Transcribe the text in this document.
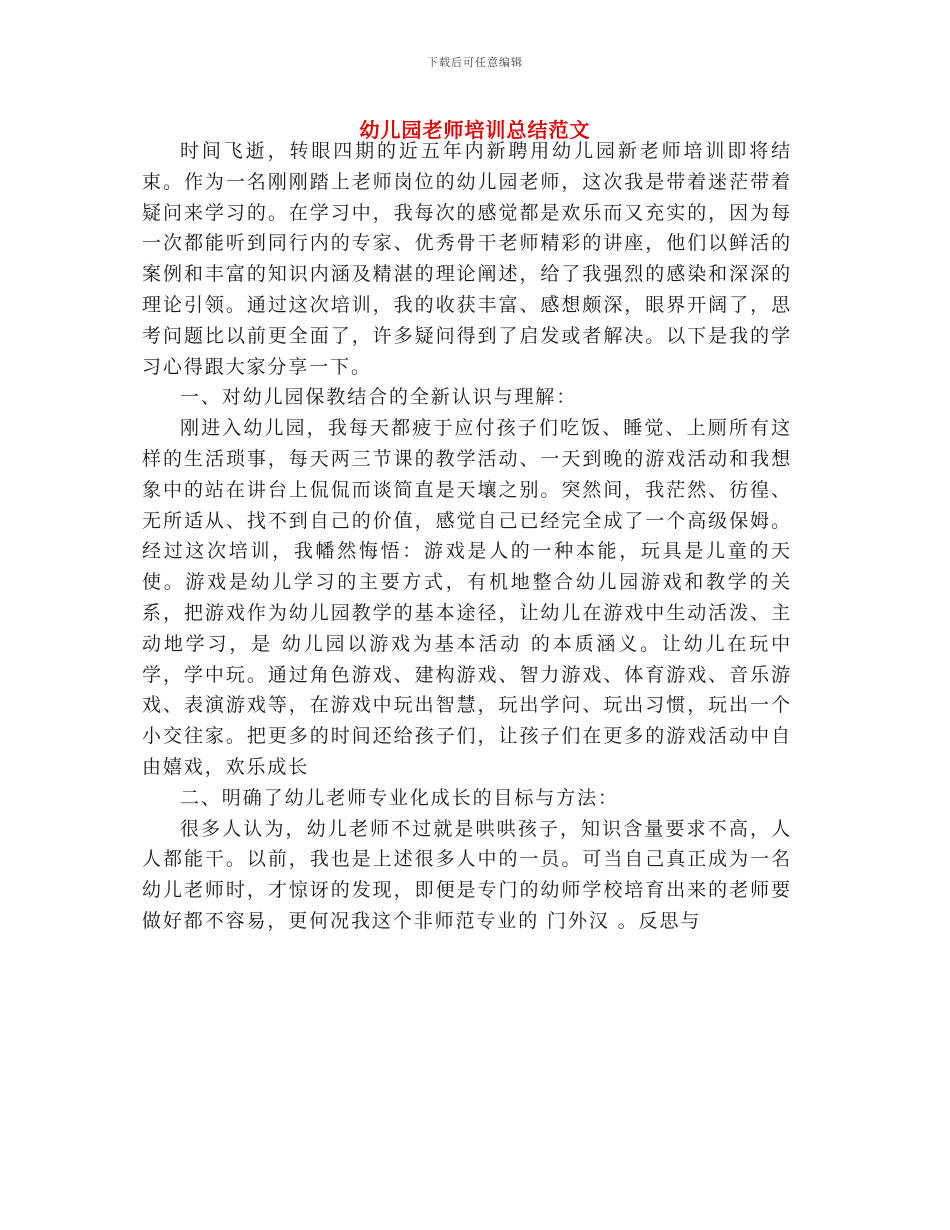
下载后可任意编辑
幼儿园老师培训总结范文

时间飞逝，转眼四期的近五年内新聘用幼儿园新老师培训即将结束。作为一名刚刚踏上老师岗位的幼儿园老师，这次我是带着迷茫带着疑问来学习的。在学习中，我每次的感觉都是欢乐而又充实的，因为每一次都能听到同行内的专家、优秀骨干老师精彩的讲座，他们以鲜活的案例和丰富的知识内涵及精湛的理论阐述，给了我强烈的感染和深深的理论引领。通过这次培训，我的收获丰富、感想颇深，眼界开阔了，思考问题比以前更全面了，许多疑问得到了启发或者解决。以下是我的学习心得跟大家分享一下。

一、对幼儿园保教结合的全新认识与理解：

刚进入幼儿园，我每天都疲于应付孩子们吃饭、睡觉、上厕所有这样的生活琐事，每天两三节课的教学活动、一天到晚的游戏活动和我想象中的站在讲台上侃侃而谈简直是天壤之别。突然间，我茫然、彷徨、无所适从、找不到自己的价值，感觉自己已经完全成了一个高级保姆。经过这次培训，我幡然悔悟：游戏是人的一种本能，玩具是儿童的天使。游戏是幼儿学习的主要方式，有机地整合幼儿园游戏和教学的关系，把游戏作为幼儿园教学的基本途径，让幼儿在游戏中生动活泼、主动地学习，是 幼儿园以游戏为基本活动 的本质涵义。让幼儿在玩中学，学中玩。通过角色游戏、建构游戏、智力游戏、体育游戏、音乐游戏、表演游戏等，在游戏中玩出智慧，玩出学问、玩出习惯，玩出一个小交往家。把更多的时间还给孩子们，让孩子们在更多的游戏活动中自由嬉戏，欢乐成长

二、明确了幼儿老师专业化成长的目标与方法：

很多人认为，幼儿老师不过就是哄哄孩子，知识含量要求不高，人人都能干。以前，我也是上述很多人中的一员。可当自己真正成为一名幼儿老师时，才惊讶的发现，即便是专门的幼师学校培育出来的老师要做好都不容易，更何况我这个非师范专业的 门外汉 。反思与
